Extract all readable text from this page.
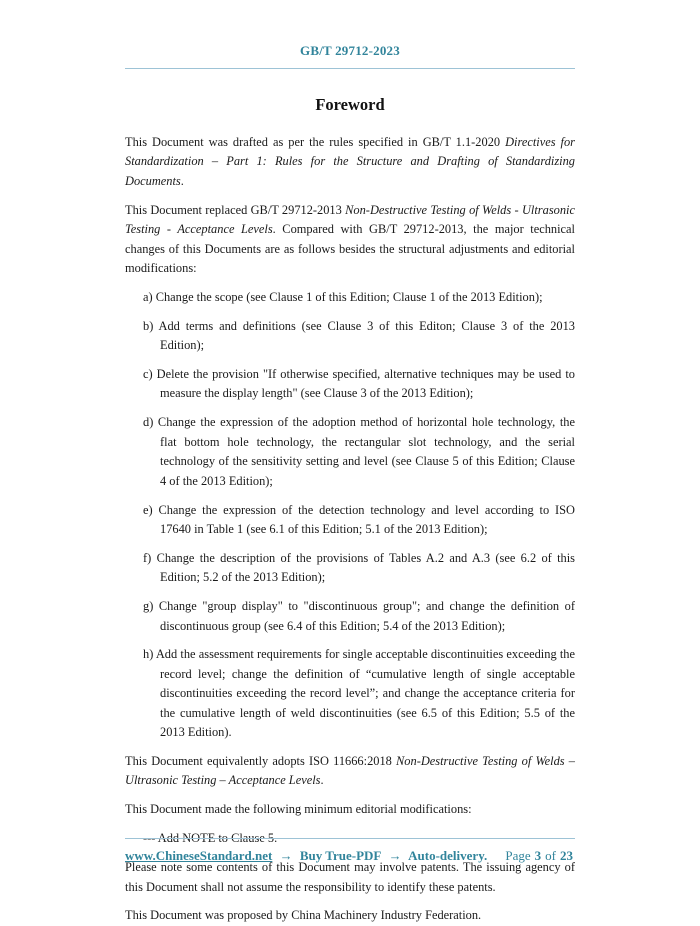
GB/T 29712-2023
Foreword

This Document was drafted as per the rules specified in GB/T 1.1-2020 Directives for Standardization – Part 1: Rules for the Structure and Drafting of Standardizing Documents.

This Document replaced GB/T 29712-2013 Non-Destructive Testing of Welds - Ultrasonic Testing - Acceptance Levels. Compared with GB/T 29712-2013, the major technical changes of this Documents are as follows besides the structural adjustments and editorial modifications:

a) Change the scope (see Clause 1 of this Edition; Clause 1 of the 2013 Edition);

b) Add terms and definitions (see Clause 3 of this Editon; Clause 3 of the 2013 Edition);

c) Delete the provision "If otherwise specified, alternative techniques may be used to measure the display length" (see Clause 3 of the 2013 Edition);

d) Change the expression of the adoption method of horizontal hole technology, the flat bottom hole technology, the rectangular slot technology, and the serial technology of the sensitivity setting and level (see Clause 5 of this Edition; Clause 4 of the 2013 Edition);

e) Change the expression of the detection technology and level according to ISO 17640 in Table 1 (see 6.1 of this Edition; 5.1 of the 2013 Edition);

f) Change the description of the provisions of Tables A.2 and A.3 (see 6.2 of this Edition; 5.2 of the 2013 Edition);

g) Change "group display" to "discontinuous group"; and change the definition of discontinuous group (see 6.4 of this Edition; 5.4 of the 2013 Edition);

h) Add the assessment requirements for single acceptable discontinuities exceeding the record level; change the definition of “cumulative length of single acceptable discontinuities exceeding the record level”; and change the acceptance criteria for the cumulative length of weld discontinuities (see 6.5 of this Edition; 5.5 of the 2013 Edition).

This Document equivalently adopts ISO 11666:2018 Non-Destructive Testing of Welds – Ultrasonic Testing – Acceptance Levels.

This Document made the following minimum editorial modifications:

--- Add NOTE to Clause 5.

Please note some contents of this Document may involve patents. The issuing agency of this Document shall not assume the responsibility to identify these patents.

This Document was proposed by China Machinery Industry Federation.

www.ChineseStandard.net → Buy True-PDF → Auto-delivery.	Page 3 of 23
